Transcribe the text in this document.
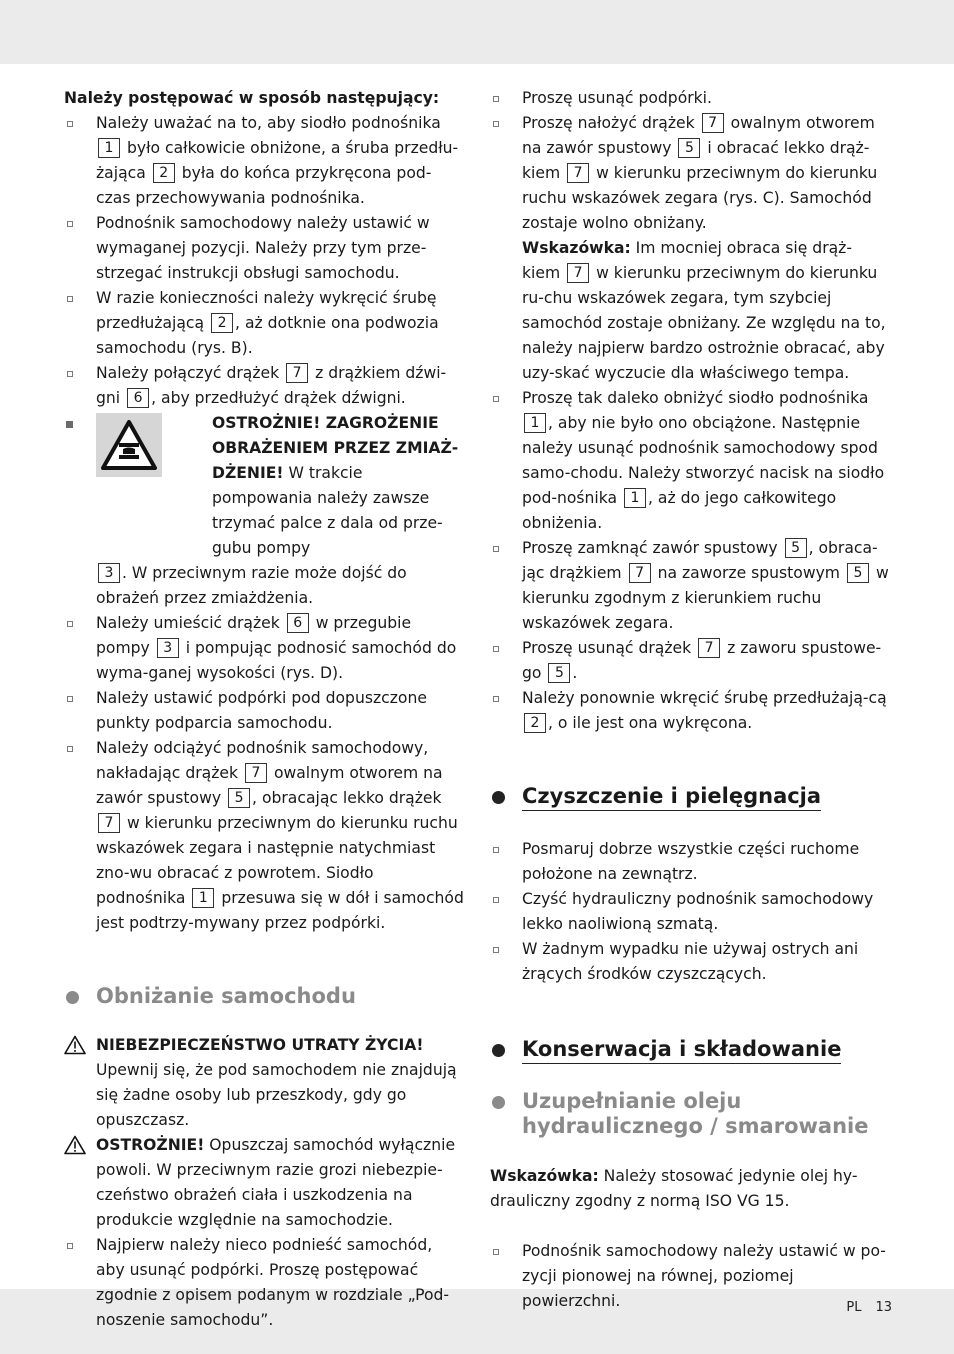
PL 13
Należy postępować w sposób następujący:
Należy uważać na to, aby siodło podnośnika 1 było całkowicie obniżone, a śruba przedłu-żająca 2 była do końca przykręcona pod-czas przechowywania podnośnika.
Podnośnik samochodowy należy ustawić w wymaganej pozycji. Należy przy tym prze-strzegać instrukcji obsługi samochodu.
W razie konieczności należy wykręcić śrubę przedłużającą 2 , aż dotknie ona podwozia samochodu (rys. B).
Należy połączyć drążek 7 z drążkiem dźwi-gni 6 , aby przedłużyć drążek dźwigni.
OSTROŻNIE! ZAGROŻENIE OBRAŻENIEM PRZEZ ZMIAŻ-DŻENIE! W trakcie pompowania należy zawsze trzymać palce z dala od prze-gubu pompy
3 . W przeciwnym razie może dojść do obrażeń przez zmiażdżenia.
Należy umieścić drążek 6 w przegubie pompy 3 i pompując podnosić samochód do wyma-ganej wysokości (rys. D).
Należy ustawić podpórki pod dopuszczone punkty podparcia samochodu.
Należy odciążyć podnośnik samochodowy, nakładając drążek 7 owalnym otworem na zawór spustowy 5 , obracając lekko drążek 7 w kierunku przeciwnym do kierunku ruchu wskazówek zegara i następnie natychmiast zno-wu obracać z powrotem. Siodło podnośnika 1 przesuwa się w dół i samochód jest podtrzy-mywany przez podpórki.
Obniżanie samochodu
NIEBEZPIECZEŃSTWO UTRATY ŻYCIA!
Upewnij się, że pod samochodem nie znajdują się żadne osoby lub przeszkody, gdy go opuszczasz.
OSTROŻNIE! Opuszczaj samochód wyłącznie powoli. W przeciwnym razie grozi niebezpie-czeństwo obrażeń ciała i uszkodzenia na produkcie względnie na samochodzie.
Najpierw należy nieco podnieść samochód, aby usunąć podpórki. Proszę postępować zgodnie z opisem podanym w rozdziale „Pod-noszenie samochodu”.
Proszę usunąć podpórki.
Proszę nałożyć drążek 7 owalnym otworem na zawór spustowy 5 i obracać lekko drąż-kiem 7 w kierunku przeciwnym do kierunku ruchu wskazówek zegara (rys. C). Samochód zostaje wolno obniżany.
Wskazówka: Im mocniej obraca się drąż-kiem 7 w kierunku przeciwnym do kierunku ru-chu wskazówek zegara, tym szybciej samochód zostaje obniżany. Ze względu na to, należy najpierw bardzo ostrożnie obracać, aby uzy-skać wyczucie dla właściwego tempa.
Proszę tak daleko obniżyć siodło podnośnika 1 , aby nie było ono obciążone. Następnie należy usunąć podnośnik samochodowy spod samo-chodu. Należy stworzyć nacisk na siodło pod-nośnika 1 , aż do jego całkowitego obniżenia.
Proszę zamknąć zawór spustowy 5 , obraca-jąc drążkiem 7 na zaworze spustowym 5 w kierunku zgodnym z kierunkiem ruchu wskazówek zegara.
Proszę usunąć drążek 7 z zaworu spustowe-go 5 .
Należy ponownie wkręcić śrubę przedłużają-cą 2 , o ile jest ona wykręcona.
Czyszczenie i pielęgnacja
Posmaruj dobrze wszystkie części ruchome położone na zewnątrz.
Czyść hydrauliczny podnośnik samochodowy lekko naoliwioną szmatą.
W żadnym wypadku nie używaj ostrych ani żrących środków czyszczących.
Konserwacja i składowanie
Uzupełnianie oleju hydraulicznego / smarowanie
Wskazówka: Należy stosować jedynie olej hy-drauliczny zgodny z normą ISO VG 15.
Podnośnik samochodowy należy ustawić w po-zycji pionowej na równej, poziomej powierzchni.
